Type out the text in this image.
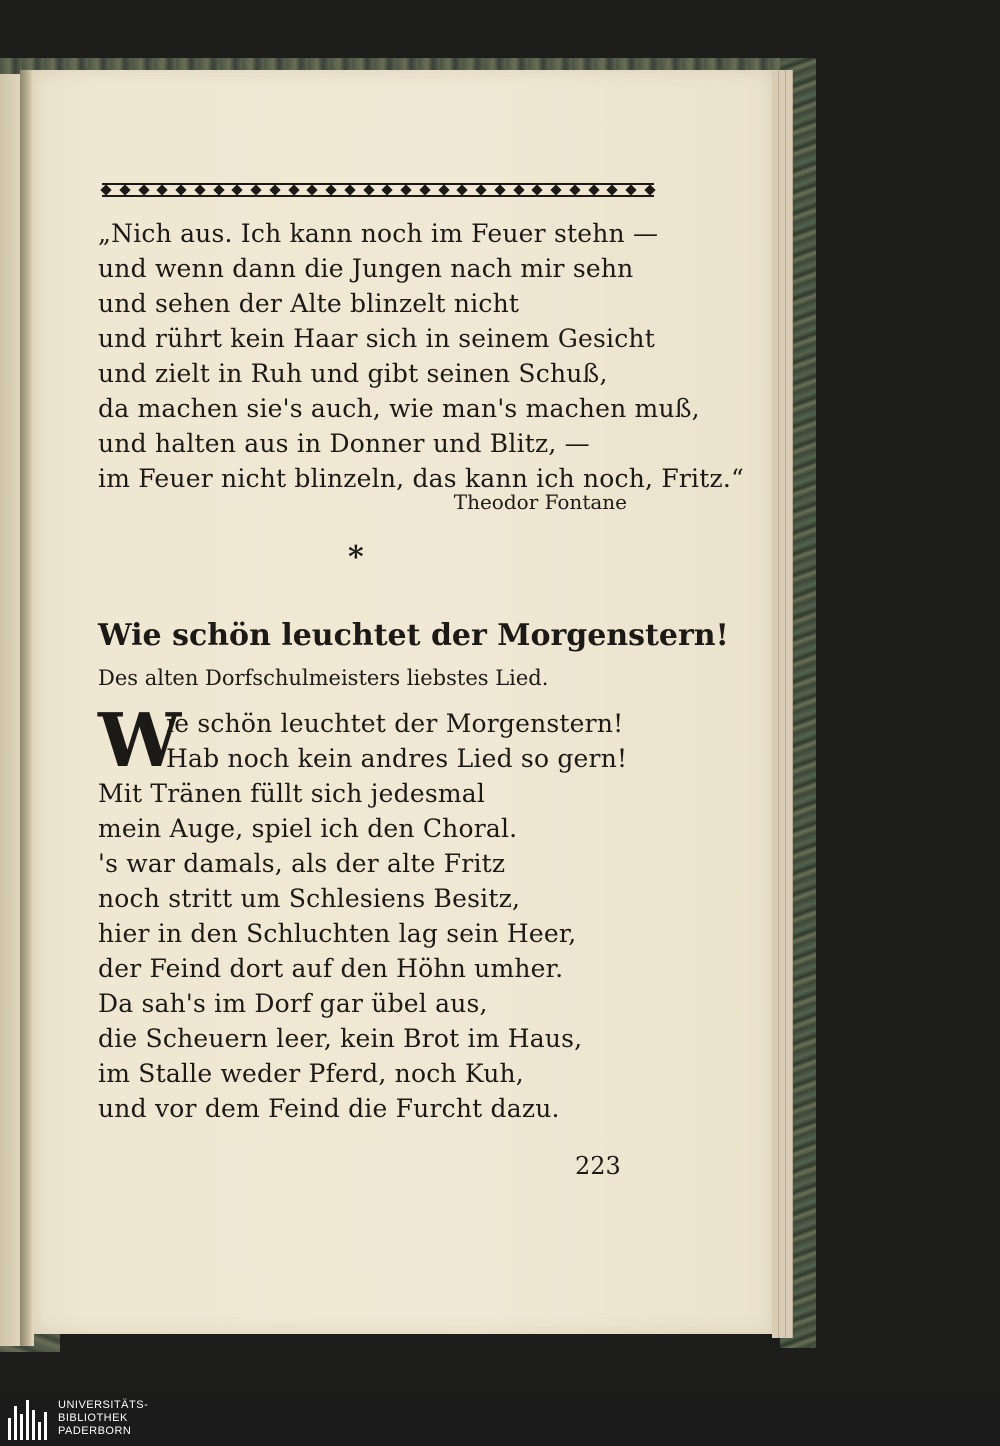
„Nich aus. Ich kann noch im Feuer stehn —
und wenn dann die Jungen nach mir sehn
und sehen der Alte blinzelt nicht
und rührt kein Haar sich in seinem Gesicht
und zielt in Ruh und gibt seinen Schuß,
da machen sie's auch, wie man's machen muß,
und halten aus in Donner und Blitz, —
im Feuer nicht blinzeln, das kann ich noch, Fritz.“
Theodor Fontane
*
Wie schön leuchtet der Morgenstern!
Des alten Dorfschulmeisters liebstes Lied.
W
ie schön leuchtet der Morgenstern!
Hab noch kein andres Lied so gern!
Mit Tränen füllt sich jedesmal
mein Auge, spiel ich den Choral.
's war damals, als der alte Fritz
noch stritt um Schlesiens Besitz,
hier in den Schluchten lag sein Heer,
der Feind dort auf den Höhn umher.
Da sah's im Dorf gar übel aus,
die Scheuern leer, kein Brot im Haus,
im Stalle weder Pferd, noch Kuh,
und vor dem Feind die Furcht dazu.
223
UNIVERSITÄTS-
BIBLIOTHEK
PADERBORN
